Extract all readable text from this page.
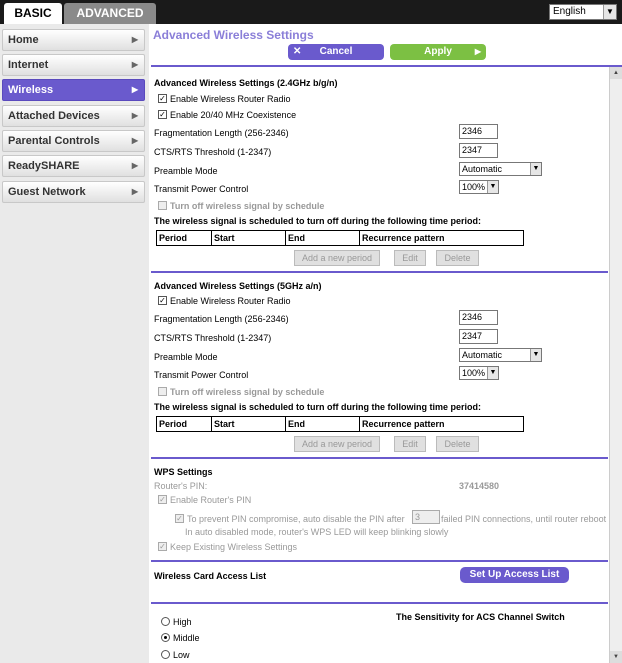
BASIC	ADVANCED	English	▼
Home	▶
Internet	▶
Wireless	▶
Attached Devices	▶
Parental Controls	▶
ReadySHARE	▶
Guest Network	▶
Advanced Wireless Settings
✕ Cancel	Apply	▶
▲
▼
Advanced Wireless Settings (2.4GHz b/g/n)
✓ Enable Wireless Router Radio
✓ Enable 20/40 MHz Coexistence
Fragmentation Length (256-2346)	2346
CTS/RTS Threshold (1-2347)	2347
Preamble Mode	Automatic	▼
Transmit Power Control	100% ▼
Turn off wireless signal by schedule
The wireless signal is scheduled to turn off during the following time period:
Period	Start	End	Recurrence pattern
Add a new period	Edit	Delete
Advanced Wireless Settings (5GHz a/n)
✓ Enable Wireless Router Radio
Fragmentation Length (256-2346)	2346
CTS/RTS Threshold (1-2347)	2347
Preamble Mode	Automatic	▼
Transmit Power Control	100% ▼
Turn off wireless signal by schedule
The wireless signal is scheduled to turn off during the following time period:
Period	Start	End	Recurrence pattern
Add a new period	Edit	Delete
WPS Settings
Router's PIN:	37414580
✓ Enable Router's PIN
✓ To prevent PIN compromise, auto disable the PIN after	3	failed PIN connections, until router reboot
In auto disabled mode, router's WPS LED will keep blinking slowly
✓ Keep Existing Wireless Settings
Wireless Card Access List	Set Up Access List
The Sensitivity for ACS Channel Switch
High
Middle
Low
